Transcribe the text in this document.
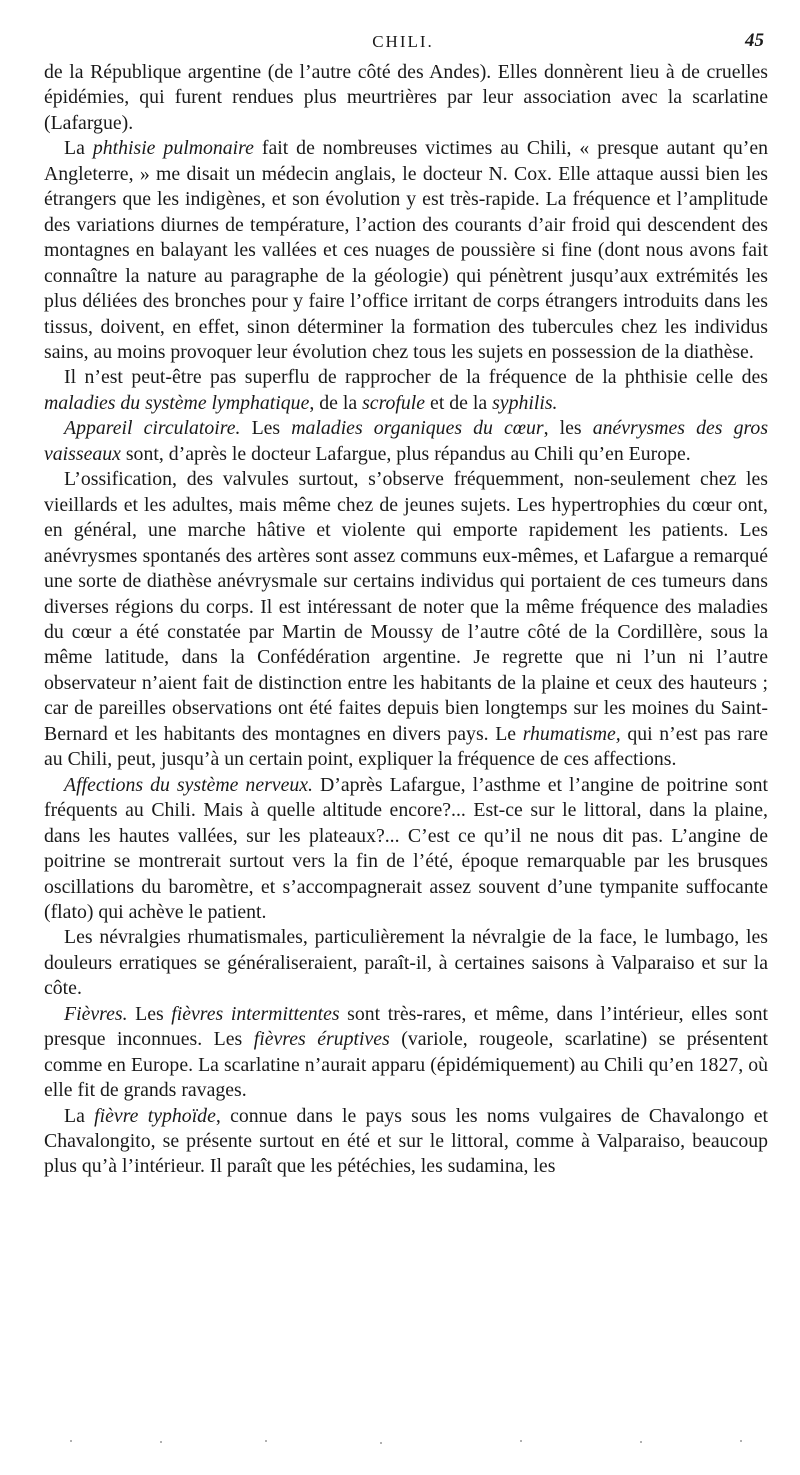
CHILI.	45

de la République argentine (de l’autre côté des Andes). Elles donnèrent lieu à de cruelles épidémies, qui furent rendues plus meurtrières par leur association avec la scarlatine (Lafargue).

La phthisie pulmonaire fait de nombreuses victimes au Chili, « presque autant qu’en Angleterre, » me disait un médecin anglais, le docteur N. Cox. Elle attaque aussi bien les étrangers que les indigènes, et son évolution y est très-rapide. La fréquence et l’amplitude des variations diurnes de température, l’action des courants d’air froid qui descendent des montagnes en balayant les vallées et ces nuages de poussière si fine (dont nous avons fait connaître la nature au paragraphe de la géologie) qui pénètrent jusqu’aux extrémités les plus déliées des bronches pour y faire l’office irritant de corps étrangers introduits dans les tissus, doivent, en effet, sinon déterminer la formation des tubercules chez les individus sains, au moins provoquer leur évolution chez tous les sujets en possession de la diathèse.

Il n’est peut-être pas superflu de rapprocher de la fréquence de la phthisie celle des maladies du système lymphatique, de la scrofule et de la syphilis.

Appareil circulatoire. Les maladies organiques du cœur, les anévrysmes des gros vaisseaux sont, d’après le docteur Lafargue, plus répandus au Chili qu’en Europe.

L’ossification, des valvules surtout, s’observe fréquemment, non-seulement chez les vieillards et les adultes, mais même chez de jeunes sujets. Les hypertrophies du cœur ont, en général, une marche hâtive et violente qui emporte rapidement les patients. Les anévrysmes spontanés des artères sont assez communs eux-mêmes, et Lafargue a remarqué une sorte de diathèse anévrysmale sur certains individus qui portaient de ces tumeurs dans diverses régions du corps. Il est intéressant de noter que la même fréquence des maladies du cœur a été constatée par Martin de Moussy de l’autre côté de la Cordillère, sous la même latitude, dans la Confédération argentine. Je regrette que ni l’un ni l’autre observateur n’aient fait de distinction entre les habitants de la plaine et ceux des hauteurs ; car de pareilles observations ont été faites depuis bien longtemps sur les moines du Saint-Bernard et les habitants des montagnes en divers pays. Le rhumatisme, qui n’est pas rare au Chili, peut, jusqu’à un certain point, expliquer la fréquence de ces affections.

Affections du système nerveux. D’après Lafargue, l’asthme et l’angine de poitrine sont fréquents au Chili. Mais à quelle altitude encore?... Est-ce sur le littoral, dans la plaine, dans les hautes vallées, sur les plateaux?... C’est ce qu’il ne nous dit pas. L’angine de poitrine se montrerait surtout vers la fin de l’été, époque remarquable par les brusques oscillations du baromètre, et s’accompagnerait assez souvent d’une tympanite suffocante (flato) qui achève le patient.

Les névralgies rhumatismales, particulièrement la névralgie de la face, le lumbago, les douleurs erratiques se généraliseraient, paraît-il, à certaines saisons à Valparaiso et sur la côte.

Fièvres. Les fièvres intermittentes sont très-rares, et même, dans l’intérieur, elles sont presque inconnues. Les fièvres éruptives (variole, rougeole, scarlatine) se présentent comme en Europe. La scarlatine n’aurait apparu (épidémiquement) au Chili qu’en 1827, où elle fit de grands ravages.

La fièvre typhoïde, connue dans le pays sous les noms vulgaires de Chavalongo et Chavalongito, se présente surtout en été et sur le littoral, comme à Valparaiso, beaucoup plus qu’à l’intérieur. Il paraît que les pétéchies, les sudamina, les
